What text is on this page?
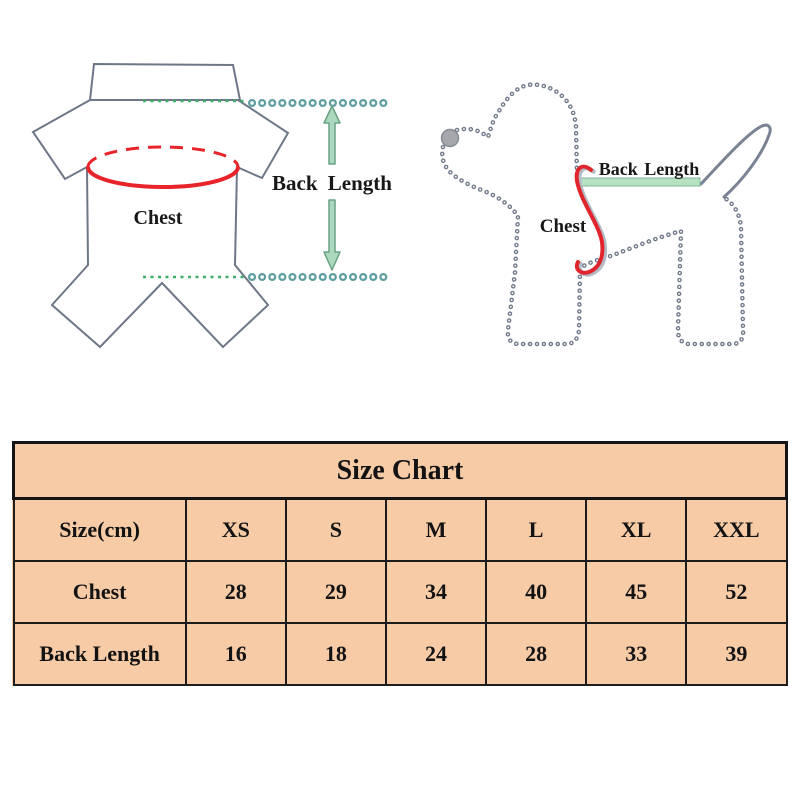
Chest
Back Length
Back Length
Chest
Size Chart						
Size(cm)	XS	S	M	L	XL	XXL
Chest	28	29	34	40	45	52
Back Length	16	18	24	28	33	39
